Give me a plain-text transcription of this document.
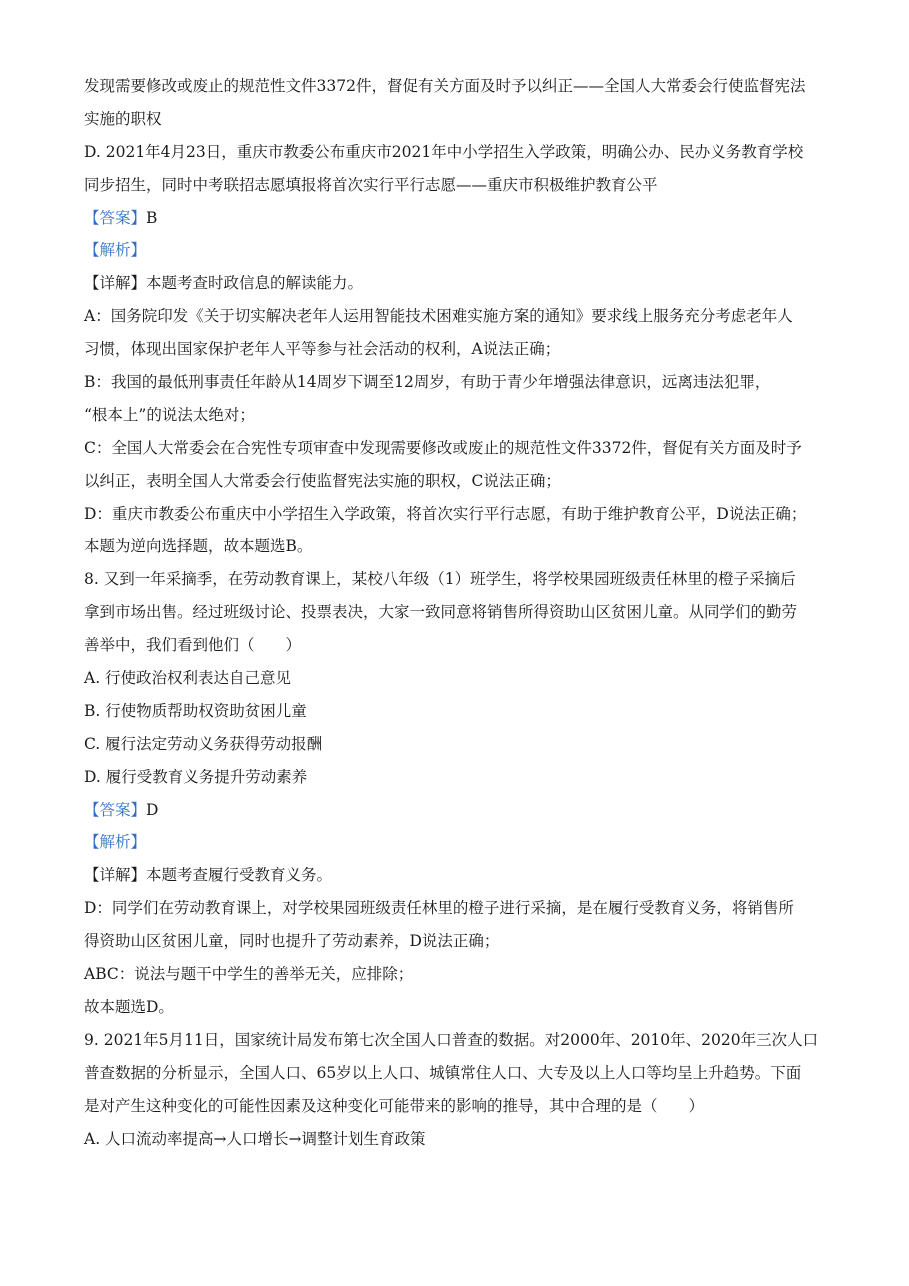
发现需要修改或废止的规范性文件3372件，督促有关方面及时予以纠正——全国人大常委会行使监督宪法
实施的职权
D. 2021年4月23日，重庆市教委公布重庆市2021年中小学招生入学政策，明确公办、民办义务教育学校
同步招生，同时中考联招志愿填报将首次实行平行志愿——重庆市积极维护教育公平
【答案】B
【解析】
【详解】本题考查时政信息的解读能力。
A：国务院印发《关于切实解决老年人运用智能技术困难实施方案的通知》要求线上服务充分考虑老年人
习惯，体现出国家保护老年人平等参与社会活动的权利，A说法正确；
B：我国的最低刑事责任年龄从14周岁下调至12周岁，有助于青少年增强法律意识，远离违法犯罪，
“根本上”的说法太绝对；
C：全国人大常委会在合宪性专项审查中发现需要修改或废止的规范性文件3372件，督促有关方面及时予
以纠正，表明全国人大常委会行使监督宪法实施的职权，C说法正确；
D：重庆市教委公布重庆中小学招生入学政策，将首次实行平行志愿，有助于维护教育公平，D说法正确；
本题为逆向选择题，故本题选B。
8. 又到一年采摘季，在劳动教育课上，某校八年级（1）班学生，将学校果园班级责任林里的橙子采摘后
拿到市场出售。经过班级讨论、投票表决，大家一致同意将销售所得资助山区贫困儿童。从同学们的勤劳
善举中，我们看到他们（　　）
A. 行使政治权利表达自己意见
B. 行使物质帮助权资助贫困儿童
C. 履行法定劳动义务获得劳动报酬
D. 履行受教育义务提升劳动素养
【答案】D
【解析】
【详解】本题考查履行受教育义务。
D：同学们在劳动教育课上，对学校果园班级责任林里的橙子进行采摘，是在履行受教育义务，将销售所
得资助山区贫困儿童，同时也提升了劳动素养，D说法正确；
ABC：说法与题干中学生的善举无关，应排除；
故本题选D。
9. 2021年5月11日，国家统计局发布第七次全国人口普查的数据。对2000年、2010年、2020年三次人口
普查数据的分析显示，全国人口、65岁以上人口、城镇常住人口、大专及以上人口等均呈上升趋势。下面
是对产生这种变化的可能性因素及这种变化可能带来的影响的推导，其中合理的是（　　）
A. 人口流动率提高→人口增长→调整计划生育政策
